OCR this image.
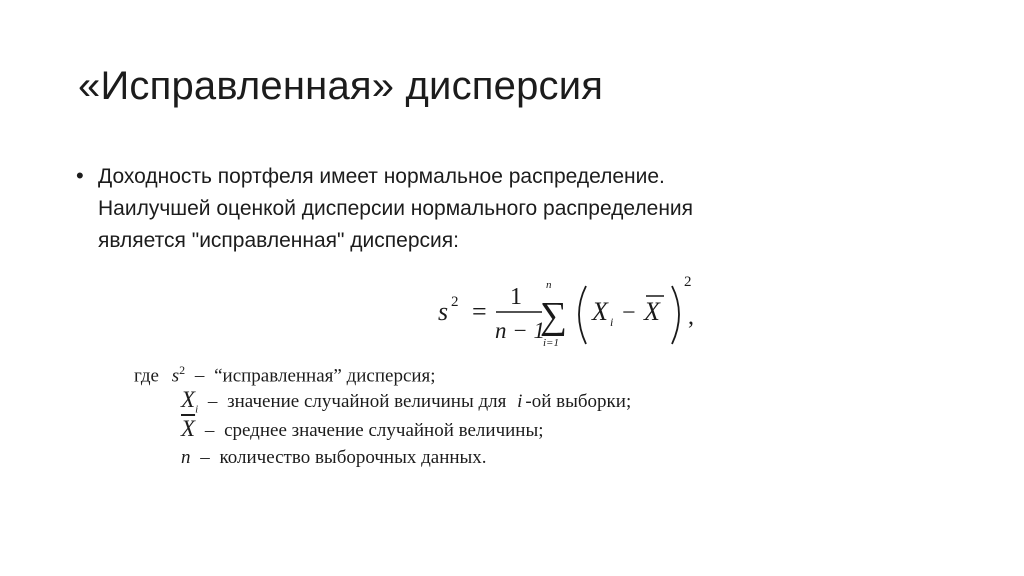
«Исправленная» дисперсия
• Доходность портфеля имеет нормальное распределение.
Наилучшей оценкой дисперсии нормального распределения
является "исправленная" дисперсия:
s 2 = 1
n − 1
n
∑
i=1
X i − X
2
,
где $s^2$ – “исправленная” дисперсия;
$X_i$ – значение случайной величины для i -ой выборки;
$\overline{X}$ – среднее значение случайной величины;
n – количество выборочных данных.
